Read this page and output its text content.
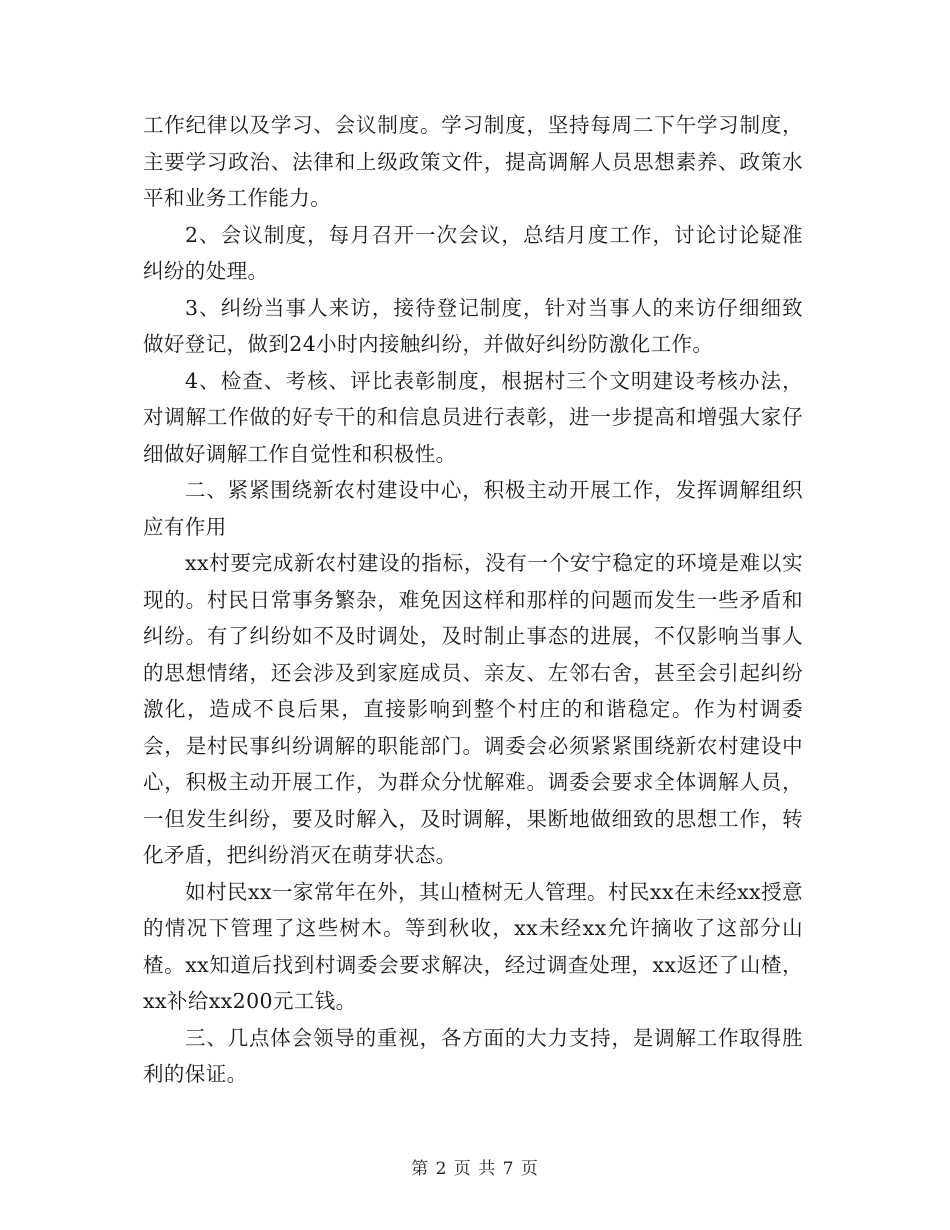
工作纪律以及学习、会议制度。学习制度，坚持每周二下午学习制度，主要学习政治、法律和上级政策文件，提高调解人员思想素养、政策水平和业务工作能力。

2、会议制度，每月召开一次会议，总结月度工作，讨论讨论疑准纠纷的处理。

3、纠纷当事人来访，接待登记制度，针对当事人的来访仔细细致做好登记，做到24小时内接触纠纷，并做好纠纷防激化工作。

4、检查、考核、评比表彰制度，根据村三个文明建设考核办法，对调解工作做的好专干的和信息员进行表彰，进一步提高和增强大家仔细做好调解工作自觉性和积极性。

二、紧紧围绕新农村建设中心，积极主动开展工作，发挥调解组织应有作用

xx村要完成新农村建设的指标，没有一个安宁稳定的环境是难以实现的。村民日常事务繁杂，难免因这样和那样的问题而发生一些矛盾和纠纷。有了纠纷如不及时调处，及时制止事态的进展，不仅影响当事人的思想情绪，还会涉及到家庭成员、亲友、左邻右舍，甚至会引起纠纷激化，造成不良后果，直接影响到整个村庄的和谐稳定。作为村调委会，是村民事纠纷调解的职能部门。调委会必须紧紧围绕新农村建设中心，积极主动开展工作，为群众分忧解难。调委会要求全体调解人员，一但发生纠纷，要及时解入，及时调解，果断地做细致的思想工作，转化矛盾，把纠纷消灭在萌芽状态。

如村民xx一家常年在外，其山楂树无人管理。村民xx在未经xx授意的情况下管理了这些树木。等到秋收，xx未经xx允许摘收了这部分山楂。xx知道后找到村调委会要求解决，经过调查处理，xx返还了山楂，xx补给xx200元工钱。

三、几点体会领导的重视，各方面的大力支持，是调解工作取得胜利的保证。

第 2 页 共 7 页
